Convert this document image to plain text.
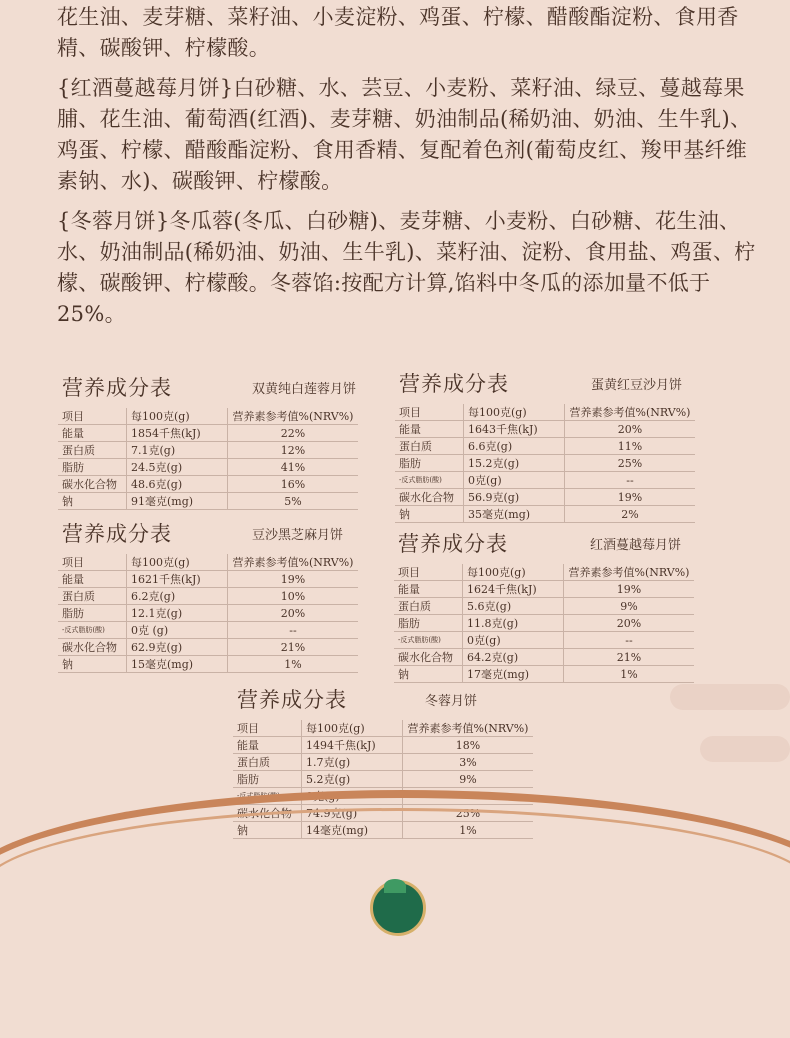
花生油、麦芽糖、菜籽油、小麦淀粉、鸡蛋、柠檬、醋酸酯淀粉、食用香精、碳酸钾、柠檬酸。

{红酒蔓越莓月饼}白砂糖、水、芸豆、小麦粉、菜籽油、绿豆、蔓越莓果脯、花生油、葡萄酒(红酒)、麦芽糖、奶油制品(稀奶油、奶油、生牛乳)、鸡蛋、柠檬、醋酸酯淀粉、食用香精、复配着色剂(葡萄皮红、羧甲基纤维素钠、水)、碳酸钾、柠檬酸。

{冬蓉月饼}冬瓜蓉(冬瓜、白砂糖)、麦芽糖、小麦粉、白砂糖、花生油、水、奶油制品(稀奶油、奶油、生牛乳)、菜籽油、淀粉、食用盐、鸡蛋、柠檬、碳酸钾、柠檬酸。冬蓉馅:按配方计算,馅料中冬瓜的添加量不低于25%。

营养成分表	双黄纯白莲蓉月饼
项目	每100克(g)	营养素参考值%(NRV%)
能量	1854千焦(kJ)	22%
蛋白质	7.1克(g)	12%
脂肪	24.5克(g)	41%
碳水化合物	48.6克(g)	16%
钠	91毫克(mg)	5%
营养成分表	蛋黄红豆沙月饼
项目	每100克(g)	营养素参考值%(NRV%)
能量	1643千焦(kJ)	20%
蛋白质	6.6克(g)	11%
脂肪	15.2克(g)	25%
-反式脂肪(酸)	0克(g)	--
碳水化合物	56.9克(g)	19%
钠	35毫克(mg)	2%
营养成分表	豆沙黑芝麻月饼
项目	每100克(g)	营养素参考值%(NRV%)
能量	1621千焦(kJ)	19%
蛋白质	6.2克(g)	10%
脂肪	12.1克(g)	20%
-反式脂肪(酸)	0克 (g)	--
碳水化合物	62.9克(g)	21%
钠	15毫克(mg)	1%
营养成分表	红酒蔓越莓月饼
项目	每100克(g)	营养素参考值%(NRV%)
能量	1624千焦(kJ)	19%
蛋白质	5.6克(g)	9%
脂肪	11.8克(g)	20%
-反式脂肪(酸)	0克(g)	--
碳水化合物	64.2克(g)	21%
钠	17毫克(mg)	1%
营养成分表	冬蓉月饼
项目	每100克(g)	营养素参考值%(NRV%)
能量	1494千焦(kJ)	18%
蛋白质	1.7克(g)	3%
脂肪	5.2克(g)	9%
-反式脂肪(酸)	0克(g)	--
碳水化合物	74.9克(g)	25%
钠	14毫克(mg)	1%
